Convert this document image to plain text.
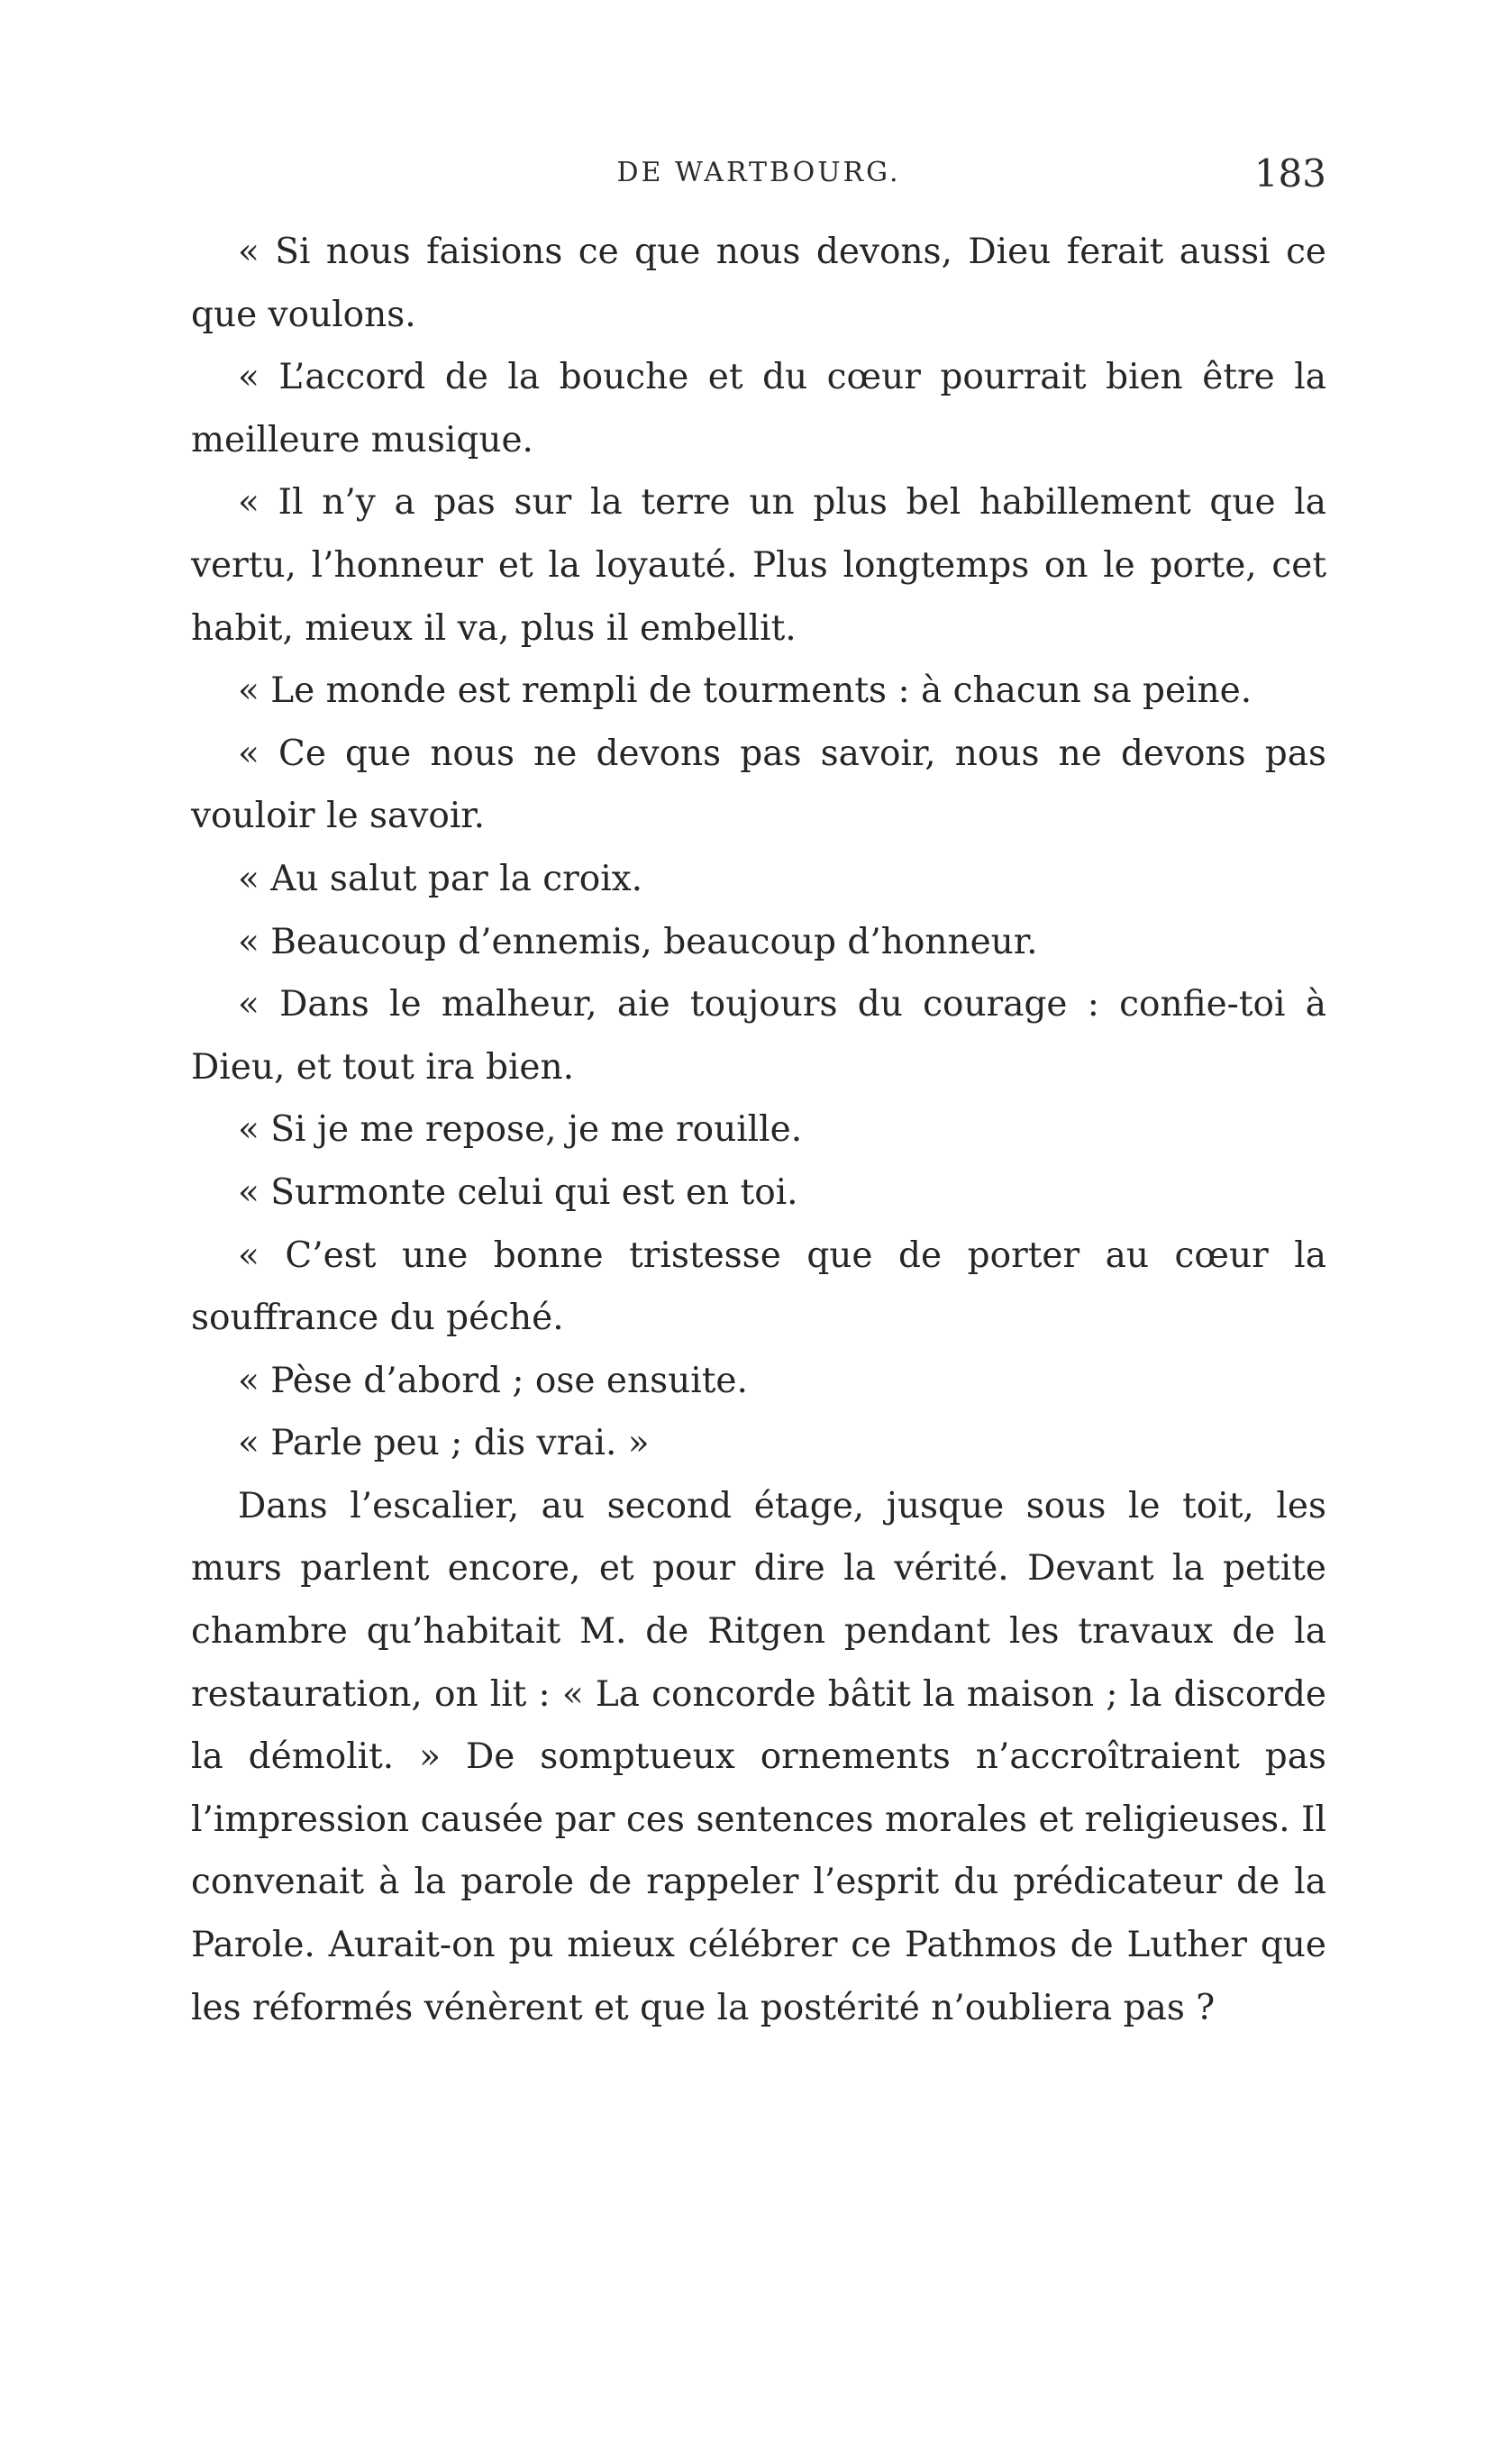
DE WARTBOURG.	183

« Si nous faisions ce que nous devons, Dieu ferait aussi ce que voulons.

« L’accord de la bouche et du cœur pourrait bien être la meilleure musique.

« Il n’y a pas sur la terre un plus bel habillement que la vertu, l’honneur et la loyauté. Plus longtemps on le porte, cet habit, mieux il va, plus il embellit.

« Le monde est rempli de tourments : à chacun sa peine.

« Ce que nous ne devons pas savoir, nous ne devons pas vouloir le savoir.

« Au salut par la croix.

« Beaucoup d’ennemis, beaucoup d’honneur.

« Dans le malheur, aie toujours du courage : confie-toi à Dieu, et tout ira bien.

« Si je me repose, je me rouille.

« Surmonte celui qui est en toi.

« C’est une bonne tristesse que de porter au cœur la souffrance du péché.

« Pèse d’abord ; ose ensuite.

« Parle peu ; dis vrai. »

Dans l’escalier, au second étage, jusque sous le toit, les murs parlent encore, et pour dire la vérité. Devant la petite chambre qu’habitait M. de Ritgen pendant les travaux de la restauration, on lit : « La concorde bâtit la maison ; la discorde la démolit. » De somptueux ornements n’accroîtraient pas l’impression causée par ces sentences morales et religieuses. Il convenait à la parole de rappeler l’esprit du prédicateur de la Parole. Aurait-on pu mieux célébrer ce Pathmos de Luther que les réformés vénèrent et que la postérité n’oubliera pas ?
